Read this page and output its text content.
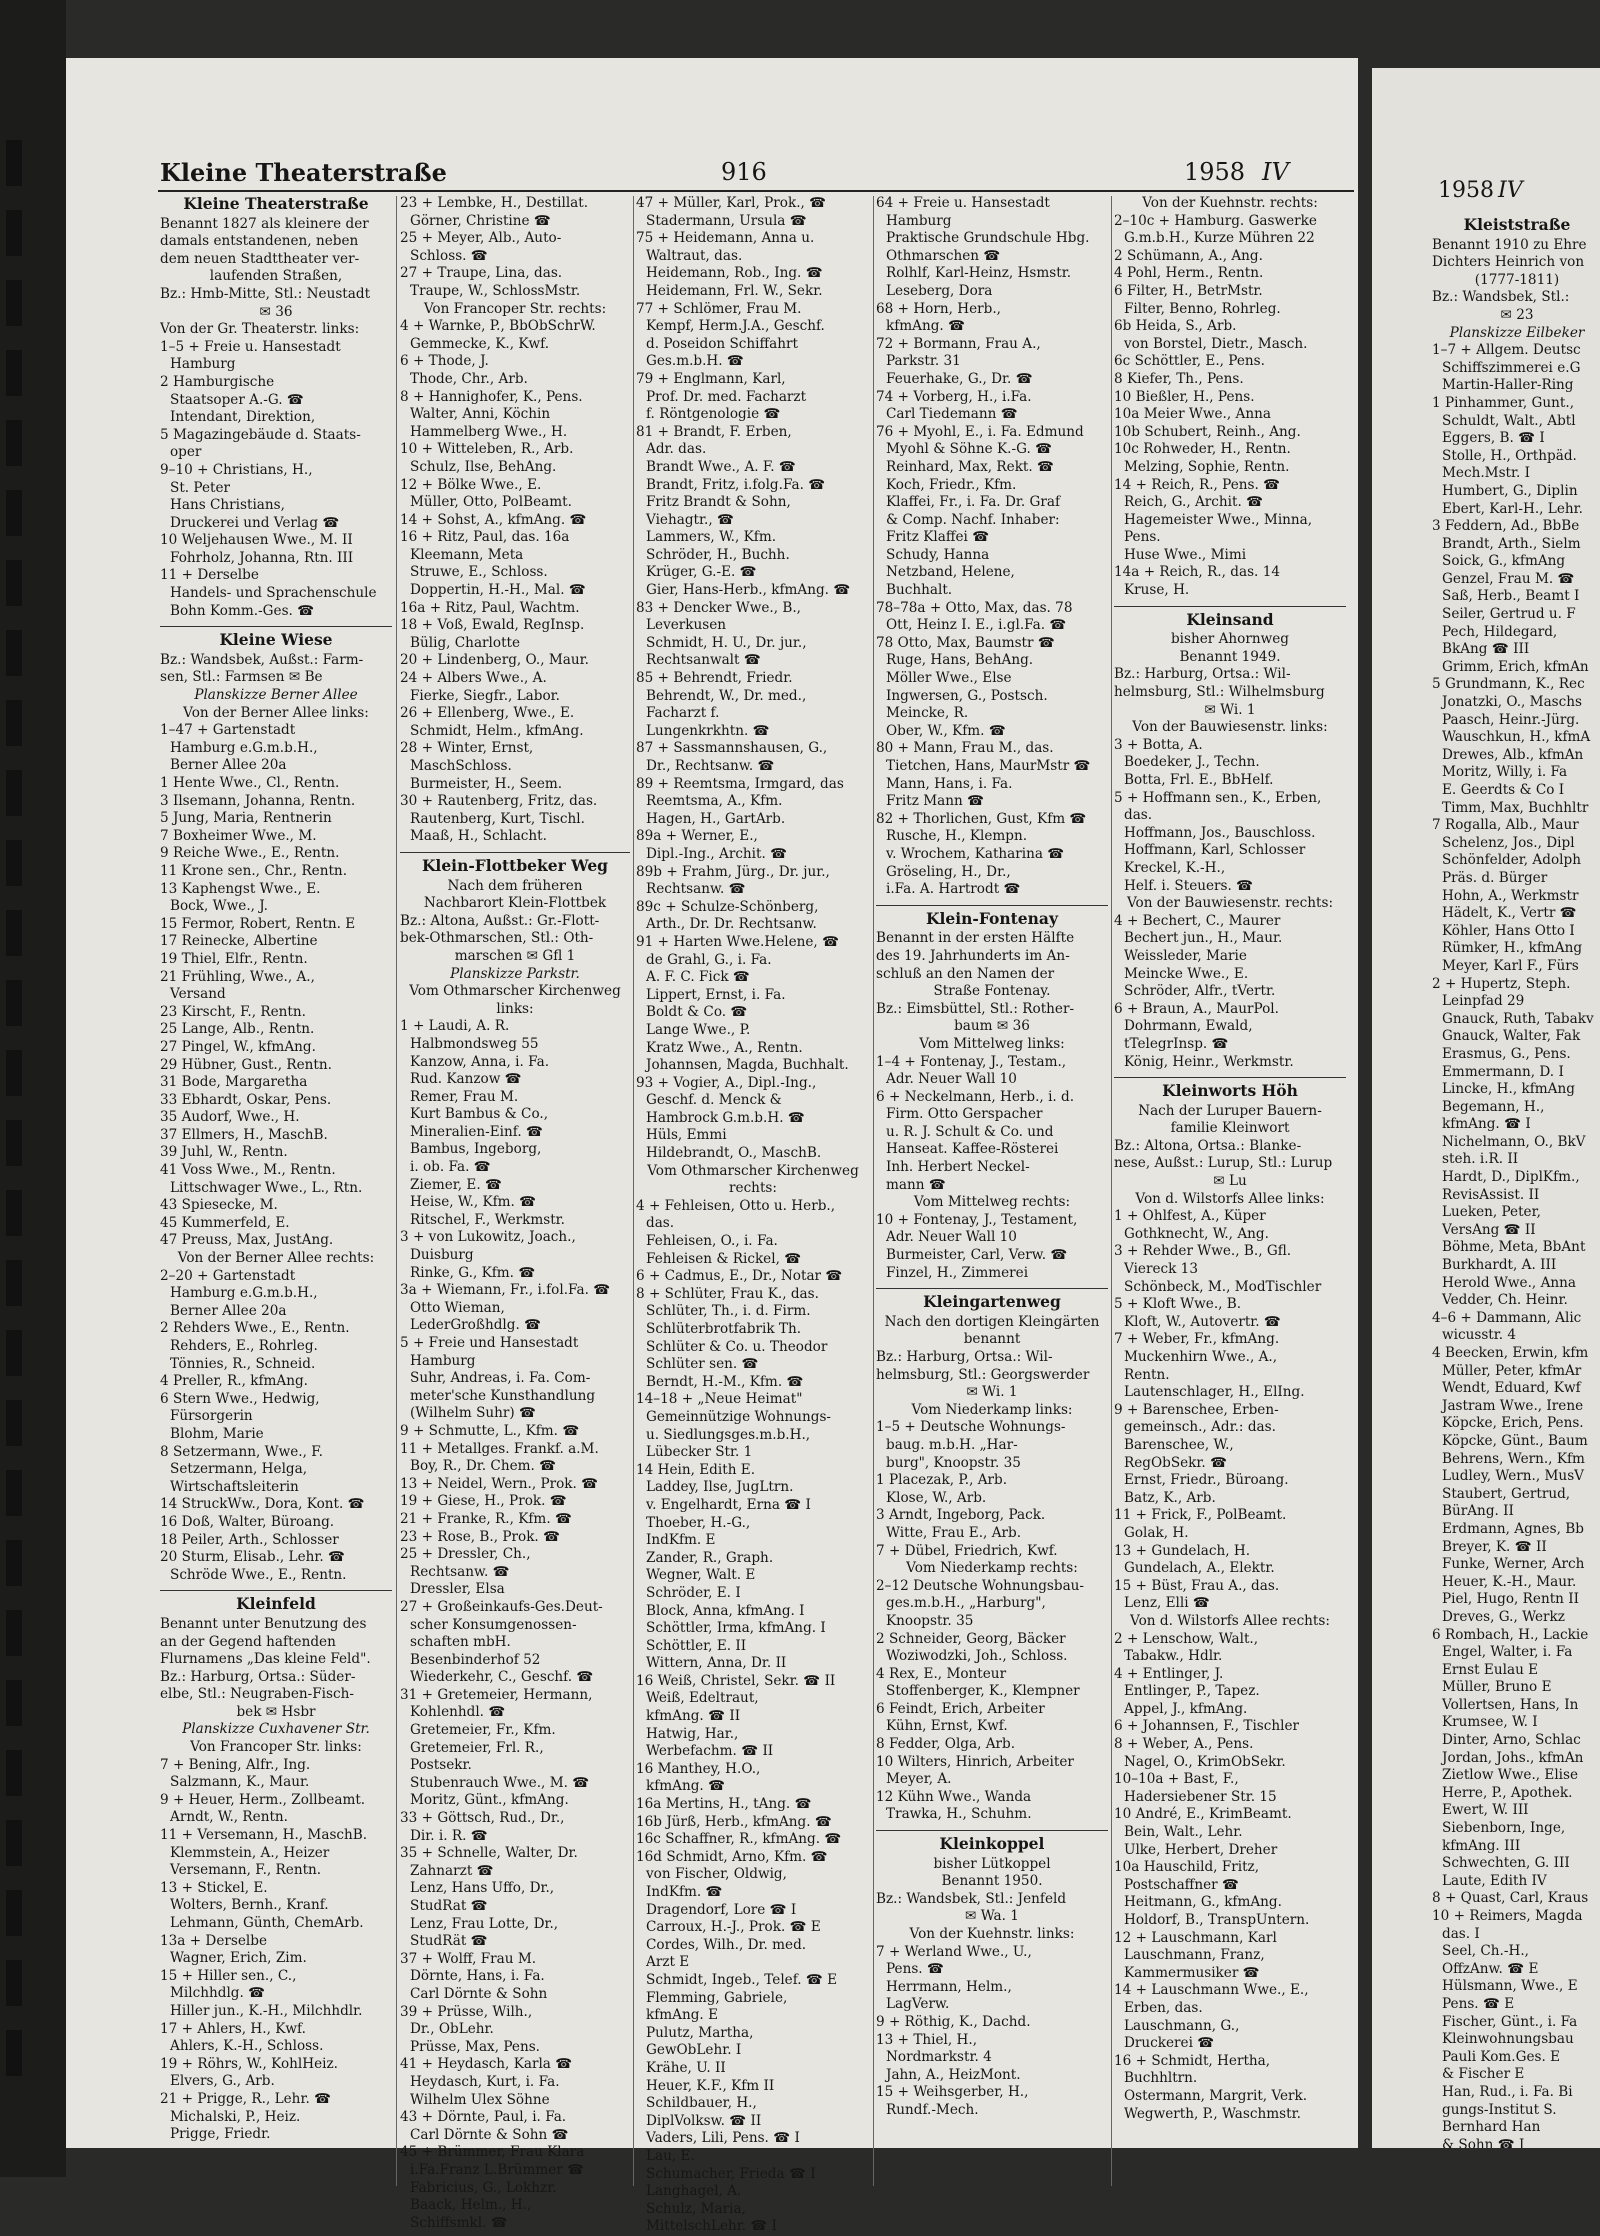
Kleine Theaterstraße	916	1958 IV
Kleine Theaterstraße
Benannt 1827 als kleinere der
damals entstandenen, neben
dem neuen Stadttheater ver-
laufenden Straßen,
Bz.: Hmb-Mitte, Stl.: Neustadt
✉ 36
Von der Gr. Theaterstr. links:
1–5 + Freie u. Hansestadt
Hamburg
2 Hamburgische
Staatsoper A.-G. ☎
Intendant, Direktion,
5 Magazingebäude d. Staats-
oper
9–10 + Christians, H.,
St. Peter
Hans Christians,
Druckerei und Verlag ☎
10 Weljehausen Wwe., M. II
Fohrholz, Johanna, Rtn. III
11 + Derselbe
Handels- und Sprachenschule
Bohn Komm.-Ges. ☎
Kleine Wiese
Bz.: Wandsbek, Außst.: Farm-
sen, Stl.: Farmsen ✉ Be
Planskizze Berner Allee
Von der Berner Allee links:
1–47 + Gartenstadt
Hamburg e.G.m.b.H.,
Berner Allee 20a
1 Hente Wwe., Cl., Rentn.
3 Ilsemann, Johanna, Rentn.
5 Jung, Maria, Rentnerin
7 Boxheimer Wwe., M.
9 Reiche Wwe., E., Rentn.
11 Krone sen., Chr., Rentn.
13 Kaphengst Wwe., E.
Bock, Wwe., J.
15 Fermor, Robert, Rentn. E
17 Reinecke, Albertine
19 Thiel, Elfr., Rentn.
21 Frühling, Wwe., A.,
Versand
23 Kirscht, F., Rentn.
25 Lange, Alb., Rentn.
27 Pingel, W., kfmAng.
29 Hübner, Gust., Rentn.
31 Bode, Margaretha
33 Ebhardt, Oskar, Pens.
35 Audorf, Wwe., H.
37 Ellmers, H., MaschB.
39 Juhl, W., Rentn.
41 Voss Wwe., M., Rentn.
Littschwager Wwe., L., Rtn.
43 Spiesecke, M.
45 Kummerfeld, E.
47 Preuss, Max, JustAng.
Von der Berner Allee rechts:
2–20 + Gartenstadt
Hamburg e.G.m.b.H.,
Berner Allee 20a
2 Rehders Wwe., E., Rentn.
Rehders, E., Rohrleg.
Tönnies, R., Schneid.
4 Preller, R., kfmAng.
6 Stern Wwe., Hedwig,
Fürsorgerin
Blohm, Marie
8 Setzermann, Wwe., F.
Setzermann, Helga,
Wirtschaftsleiterin
14 StruckWw., Dora, Kont. ☎
16 Doß, Walter, Büroang.
18 Peiler, Arth., Schlosser
20 Sturm, Elisab., Lehr. ☎
Schröde Wwe., E., Rentn.
Kleinfeld
Benannt unter Benutzung des
an der Gegend haftenden
Flurnamens „Das kleine Feld".
Bz.: Harburg, Ortsa.: Süder-
elbe, Stl.: Neugraben-Fisch-
bek ✉ Hsbr
Planskizze Cuxhavener Str.
Von Francoper Str. links:
7 + Bening, Alfr., Ing.
Salzmann, K., Maur.
9 + Heuer, Herm., Zollbeamt.
Arndt, W., Rentn.
11 + Versemann, H., MaschB.
Klemmstein, A., Heizer
Versemann, F., Rentn.
13 + Stickel, E.
Wolters, Bernh., Kranf.
Lehmann, Günth, ChemArb.
13a + Derselbe
Wagner, Erich, Zim.
15 + Hiller sen., C.,
Milchhdlg. ☎
Hiller jun., K.-H., Milchhdlr.
17 + Ahlers, H., Kwf.
Ahlers, K.-H., Schloss.
19 + Röhrs, W., KohlHeiz.
Elvers, G., Arb.
21 + Prigge, R., Lehr. ☎
Michalski, P., Heiz.
Prigge, Friedr.
23 + Lembke, H., Destillat.
Görner, Christine ☎
25 + Meyer, Alb., Auto-
Schloss. ☎
27 + Traupe, Lina, das.
Traupe, W., SchlossMstr.
Von Francoper Str. rechts:
4 + Warnke, P., BbObSchrW.
Gemmecke, K., Kwf.
6 + Thode, J.
Thode, Chr., Arb.
8 + Hannighofer, K., Pens.
Walter, Anni, Köchin
Hammelberg Wwe., H.
10 + Witteleben, R., Arb.
Schulz, Ilse, BehAng.
12 + Bölke Wwe., E.
Müller, Otto, PolBeamt.
14 + Sohst, A., kfmAng. ☎
16 + Ritz, Paul, das. 16a
Kleemann, Meta
Struwe, E., Schloss.
Doppertin, H.-H., Mal. ☎
16a + Ritz, Paul, Wachtm.
18 + Voß, Ewald, RegInsp.
Bülig, Charlotte
20 + Lindenberg, O., Maur.
24 + Albers Wwe., A.
Fierke, Siegfr., Labor.
26 + Ellenberg, Wwe., E.
Schmidt, Helm., kfmAng.
28 + Winter, Ernst,
MaschSchloss.
Burmeister, H., Seem.
30 + Rautenberg, Fritz, das.
Rautenberg, Kurt, Tischl.
Maaß, H., Schlacht.
Klein-Flottbeker Weg
Nach dem früheren
Nachbarort Klein-Flottbek
Bz.: Altona, Außst.: Gr.-Flott-
bek-Othmarschen, Stl.: Oth-
marschen ✉ Gfl 1
Planskizze Parkstr.
Vom Othmarscher Kirchenweg
links:
1 + Laudi, A. R.
Halbmondsweg 55
Kanzow, Anna, i. Fa.
Rud. Kanzow ☎
Remer, Frau M.
Kurt Bambus & Co.,
Mineralien-Einf. ☎
Bambus, Ingeborg,
i. ob. Fa. ☎
Ziemer, E. ☎
Heise, W., Kfm. ☎
Ritschel, F., Werkmstr.
3 + von Lukowitz, Joach.,
Duisburg
Rinke, G., Kfm. ☎
3a + Wiemann, Fr., i.fol.Fa. ☎
Otto Wieman,
LederGroßhdlg. ☎
5 + Freie und Hansestadt
Hamburg
Suhr, Andreas, i. Fa. Com-
meter'sche Kunsthandlung
(Wilhelm Suhr) ☎
9 + Schmutte, L., Kfm. ☎
11 + Metallges. Frankf. a.M.
Boy, R., Dr. Chem. ☎
13 + Neidel, Wern., Prok. ☎
19 + Giese, H., Prok. ☎
21 + Franke, R., Kfm. ☎
23 + Rose, B., Prok. ☎
25 + Dressler, Ch.,
Rechtsanw. ☎
Dressler, Elsa
27 + Großeinkaufs-Ges.Deut-
scher Konsumgenossen-
schaften mbH.
Besenbinderhof 52
Wiederkehr, C., Geschf. ☎
31 + Gretemeier, Hermann,
Kohlenhdl. ☎
Gretemeier, Fr., Kfm.
Gretemeier, Frl. R.,
Postsekr.
Stubenrauch Wwe., M. ☎
Moritz, Günt., kfmAng.
33 + Göttsch, Rud., Dr.,
Dir. i. R. ☎
35 + Schnelle, Walter, Dr.
Zahnarzt ☎
Lenz, Hans Uffo, Dr.,
StudRat ☎
Lenz, Frau Lotte, Dr.,
StudRät ☎
37 + Wolff, Frau M.
Dörnte, Hans, i. Fa.
Carl Dörnte & Sohn
39 + Prüsse, Wilh.,
Dr., ObLehr.
Prüsse, Max, Pens.
41 + Heydasch, Karla ☎
Heydasch, Kurt, i. Fa.
Wilhelm Ulex Söhne
43 + Dörnte, Paul, i. Fa.
Carl Dörnte & Sohn ☎
45 + Brümmer, Frau Klara
i.Fa.Franz L.Brümmer ☎
Fabricius, G., Lokhzr.
Baack, Helm., H.,
Schiffsmkl. ☎
47 + Müller, Karl, Prok., ☎
Stadermann, Ursula ☎
75 + Heidemann, Anna u.
Waltraut, das.
Heidemann, Rob., Ing. ☎
Heidemann, Frl. W., Sekr.
77 + Schlömer, Frau M.
Kempf, Herm.J.A., Geschf.
d. Poseidon Schiffahrt
Ges.m.b.H. ☎
79 + Englmann, Karl,
Prof. Dr. med. Facharzt
f. Röntgenologie ☎
81 + Brandt, F. Erben,
Adr. das.
Brandt Wwe., A. F. ☎
Brandt, Fritz, i.folg.Fa. ☎
Fritz Brandt & Sohn,
Viehagtr., ☎
Lammers, W., Kfm.
Schröder, H., Buchh.
Krüger, G.-E. ☎
Gier, Hans-Herb., kfmAng. ☎
83 + Dencker Wwe., B.,
Leverkusen
Schmidt, H. U., Dr. jur.,
Rechtsanwalt ☎
85 + Behrendt, Friedr.
Behrendt, W., Dr. med.,
Facharzt f.
Lungenkrkhtn. ☎
87 + Sassmannshausen, G.,
Dr., Rechtsanw. ☎
89 + Reemtsma, Irmgard, das
Reemtsma, A., Kfm.
Hagen, H., GartArb.
89a + Werner, E.,
Dipl.-Ing., Archit. ☎
89b + Frahm, Jürg., Dr. jur.,
Rechtsanw. ☎
89c + Schulze-Schönberg,
Arth., Dr. Dr. Rechtsanw.
91 + Harten Wwe.Helene, ☎
de Grahl, G., i. Fa.
A. F. C. Fick ☎
Lippert, Ernst, i. Fa.
Boldt & Co. ☎
Lange Wwe., P.
Kratz Wwe., A., Rentn.
Johannsen, Magda, Buchhalt.
93 + Vogier, A., Dipl.-Ing.,
Geschf. d. Menck &
Hambrock G.m.b.H. ☎
Hüls, Emmi
Hildebrandt, O., MaschB.
Vom Othmarscher Kirchenweg
rechts:
4 + Fehleisen, Otto u. Herb.,
das.
Fehleisen, O., i. Fa.
Fehleisen & Rickel, ☎
6 + Cadmus, E., Dr., Notar ☎
8 + Schlüter, Frau K., das.
Schlüter, Th., i. d. Firm.
Schlüterbrotfabrik Th.
Schlüter & Co. u. Theodor
Schlüter sen. ☎
Berndt, H.-M., Kfm. ☎
14–18 + „Neue Heimat"
Gemeinnützige Wohnungs-
u. Siedlungsges.m.b.H.,
Lübecker Str. 1
14 Hein, Edith E.
Laddey, Ilse, JugLtrn.
v. Engelhardt, Erna ☎ I
Thoeber, H.-G.,
IndKfm. E
Zander, R., Graph.
Wegner, Walt. E
Schröder, E. I
Block, Anna, kfmAng. I
Schöttler, Irma, kfmAng. I
Schöttler, E. II
Wittern, Anna, Dr. II
16 Weiß, Christel, Sekr. ☎ II
Weiß, Edeltraut,
kfmAng. ☎ II
Hatwig, Har.,
Werbefachm. ☎ II
16 Manthey, H.O.,
kfmAng. ☎
16a Mertins, H., tAng. ☎
16b Jürß, Herb., kfmAng. ☎
16c Schaffner, R., kfmAng. ☎
16d Schmidt, Arno, Kfm. ☎
von Fischer, Oldwig,
IndKfm. ☎
Dragendorf, Lore ☎ I
Carroux, H.-J., Prok. ☎ E
Cordes, Wilh., Dr. med.
Arzt E
Schmidt, Ingeb., Telef. ☎ E
Flemming, Gabriele,
kfmAng. E
Pulutz, Martha,
GewObLehr. I
Krähe, U. II
Heuer, K.F., Kfm II
Schildbauer, H.,
DiplVolksw. ☎ II
Vaders, Lili, Pens. ☎ I
Lau, E.
Schumacher, Frieda ☎ I
Langhagel, A.
Schulz, Maria,
MittelschLehr. ☎ I
64 + Freie u. Hansestadt
Hamburg
Praktische Grundschule Hbg.
Othmarschen ☎
Rolhlf, Karl-Heinz, Hsmstr.
Leseberg, Dora
68 + Horn, Herb.,
kfmAng. ☎
72 + Bormann, Frau A.,
Parkstr. 31
Feuerhake, G., Dr. ☎
74 + Vorberg, H., i.Fa.
Carl Tiedemann ☎
76 + Myohl, E., i. Fa. Edmund
Myohl & Söhne K.-G. ☎
Reinhard, Max, Rekt. ☎
Koch, Friedr., Kfm.
Klaffei, Fr., i. Fa. Dr. Graf
& Comp. Nachf. Inhaber:
Fritz Klaffei ☎
Schudy, Hanna
Netzband, Helene,
Buchhalt.
78–78a + Otto, Max, das. 78
Ott, Heinz I. E., i.gl.Fa. ☎
78 Otto, Max, Baumstr ☎
Ruge, Hans, BehAng.
Möller Wwe., Else
Ingwersen, G., Postsch.
Meincke, R.
Ober, W., Kfm. ☎
80 + Mann, Frau M., das.
Tietchen, Hans, MaurMstr ☎
Mann, Hans, i. Fa.
Fritz Mann ☎
82 + Thorlichen, Gust, Kfm ☎
Rusche, H., Klempn.
v. Wrochem, Katharina ☎
Gröseling, H., Dr.,
i.Fa. A. Hartrodt ☎
Klein-Fontenay
Benannt in der ersten Hälfte
des 19. Jahrhunderts im An-
schluß an den Namen der
Straße Fontenay.
Bz.: Eimsbüttel, Stl.: Rother-
baum ✉ 36
Vom Mittelweg links:
1–4 + Fontenay, J., Testam.,
Adr. Neuer Wall 10
6 + Neckelmann, Herb., i. d.
Firm. Otto Gerspacher
u. R. J. Schult & Co. und
Hanseat. Kaffee-Rösterei
Inh. Herbert Neckel-
mann ☎
Vom Mittelweg rechts:
10 + Fontenay, J., Testament,
Adr. Neuer Wall 10
Burmeister, Carl, Verw. ☎
Finzel, H., Zimmerei
Kleingartenweg
Nach den dortigen Kleingärten
benannt
Bz.: Harburg, Ortsa.: Wil-
helmsburg, Stl.: Georgswerder
✉ Wi. 1
Vom Niederkamp links:
1–5 + Deutsche Wohnungs-
baug. m.b.H. „Har-
burg", Knoopstr. 35
1 Placezak, P., Arb.
Klose, W., Arb.
3 Arndt, Ingeborg, Pack.
Witte, Frau E., Arb.
7 + Dübel, Friedrich, Kwf.
Vom Niederkamp rechts:
2–12 Deutsche Wohnungsbau-
ges.m.b.H., „Harburg",
Knoopstr. 35
2 Schneider, Georg, Bäcker
Woziwodzki, Joh., Schloss.
4 Rex, E., Monteur
Stoffenberger, K., Klempner
6 Feindt, Erich, Arbeiter
Kühn, Ernst, Kwf.
8 Fedder, Olga, Arb.
10 Wilters, Hinrich, Arbeiter
Meyer, A.
12 Kühn Wwe., Wanda
Trawka, H., Schuhm.
Kleinkoppel
bisher Lütkoppel
Benannt 1950.
Bz.: Wandsbek, Stl.: Jenfeld
✉ Wa. 1
Von der Kuehnstr. links:
7 + Werland Wwe., U.,
Pens. ☎
Herrmann, Helm.,
LagVerw.
9 + Röthig, K., Dachd.
13 + Thiel, H.,
Nordmarkstr. 4
Jahn, A., HeizMont.
15 + Weihsgerber, H.,
Rundf.-Mech.
Von der Kuehnstr. rechts:
2–10c + Hamburg. Gaswerke
G.m.b.H., Kurze Mühren 22
2 Schümann, A., Ang.
4 Pohl, Herm., Rentn.
6 Filter, H., BetrMstr.
Filter, Benno, Rohrleg.
6b Heida, S., Arb.
von Borstel, Dietr., Masch.
6c Schöttler, E., Pens.
8 Kiefer, Th., Pens.
10 Bießler, H., Pens.
10a Meier Wwe., Anna
10b Schubert, Reinh., Ang.
10c Rohweder, H., Rentn.
Melzing, Sophie, Rentn.
14 + Reich, R., Pens. ☎
Reich, G., Archit. ☎
Hagemeister Wwe., Minna,
Pens.
Huse Wwe., Mimi
14a + Reich, R., das. 14
Kruse, H.
Kleinsand
bisher Ahornweg
Benannt 1949.
Bz.: Harburg, Ortsa.: Wil-
helmsburg, Stl.: Wilhelmsburg
✉ Wi. 1
Von der Bauwiesenstr. links:
3 + Botta, A.
Boedeker, J., Techn.
Botta, Frl. E., BbHelf.
5 + Hoffmann sen., K., Erben,
das.
Hoffmann, Jos., Bauschloss.
Hoffmann, Karl, Schlosser
Kreckel, K.-H.,
Helf. i. Steuers. ☎
Von der Bauwiesenstr. rechts:
4 + Bechert, C., Maurer
Bechert jun., H., Maur.
Weissleder, Marie
Meincke Wwe., E.
Schröder, Alfr., tVertr.
6 + Braun, A., MaurPol.
Dohrmann, Ewald,
tTelegrInsp. ☎
König, Heinr., Werkmstr.
Kleinworts Höh
Nach der Luruper Bauern-
familie Kleinwort
Bz.: Altona, Ortsa.: Blanke-
nese, Außst.: Lurup, Stl.: Lurup
✉ Lu
Von d. Wilstorfs Allee links:
1 + Ohlfest, A., Küper
Gothknecht, W., Ang.
3 + Rehder Wwe., B., Gfl.
Viereck 13
Schönbeck, M., ModTischler
5 + Kloft Wwe., B.
Kloft, W., Autovertr. ☎
7 + Weber, Fr., kfmAng.
Muckenhirn Wwe., A.,
Rentn.
Lautenschlager, H., ElIng.
9 + Barenschee, Erben-
gemeinsch., Adr.: das.
Barenschee, W.,
RegObSekr. ☎
Ernst, Friedr., Büroang.
Batz, K., Arb.
11 + Frick, F., PolBeamt.
Golak, H.
13 + Gundelach, H.
Gundelach, A., Elektr.
15 + Büst, Frau A., das.
Lenz, Elli ☎
Von d. Wilstorfs Allee rechts:
2 + Lenschow, Walt.,
Tabakw., Hdlr.
4 + Entlinger, J.
Entlinger, P., Tapez.
Appel, J., kfmAng.
6 + Johannsen, F., Tischler
8 + Weber, A., Pens.
Nagel, O., KrimObSekr.
10–10a + Bast, F.,
Hadersiebener Str. 15
10 André, E., KrimBeamt.
Bein, Walt., Lehr.
Ulke, Herbert, Dreher
10a Hauschild, Fritz,
Postschaffner ☎
Heitmann, G., kfmAng.
Holdorf, B., TranspUntern.
12 + Lauschmann, Karl
Lauschmann, Franz,
Kammermusiker ☎
14 + Lauschmann Wwe., E.,
Erben, das.
Lauschmann, G.,
Druckerei ☎
16 + Schmidt, Hertha,
Buchhltrn.
Ostermann, Margrit, Verk.
Wegwerth, P., Waschmstr.
1958 IV
Kleiststraße
Benannt 1910 zu Ehre
Dichters Heinrich von
(1777-1811)
Bz.: Wandsbek, Stl.:
✉ 23
Planskizze Eilbeker
1–7 + Allgem. Deutsc
Schiffszimmerei e.G
Martin-Haller-Ring
1 Pinhammer, Gunt.,
Schuldt, Walt., Abtl
Eggers, B. ☎ I
Stolle, H., Orthpäd.
Mech.Mstr. I
Humbert, G., Diplin
Ebert, Karl-H., Lehr.
3 Feddern, Ad., BbBe
Brandt, Arth., Sielm
Soick, G., kfmAng
Genzel, Frau M. ☎
Saß, Herb., Beamt I
Seiler, Gertrud u. F
Pech, Hildegard,
BkAng ☎ III
Grimm, Erich, kfmAn
5 Grundmann, K., Rec
Jonatzki, O., Maschs
Paasch, Heinr.-Jürg.
Wauschkun, H., kfmA
Drewes, Alb., kfmAn
Moritz, Willy, i. Fa
E. Geerdts & Co I
Timm, Max, Buchhltr
7 Rogalla, Alb., Maur
Schelenz, Jos., Dipl
Schönfelder, Adolph
Präs. d. Bürger
Hohn, A., Werkmstr
Hädelt, K., Vertr ☎
Köhler, Hans Otto I
Rümker, H., kfmAng
Meyer, Karl F., Fürs
2 + Hupertz, Steph.
Leinpfad 29
Gnauck, Ruth, Tabakv
Gnauck, Walter, Fak
Erasmus, G., Pens.
Emmermann, D. I
Lincke, H., kfmAng
Begemann, H.,
kfmAng. ☎ I
Nichelmann, O., BkV
steh. i.R. II
Hardt, D., DiplKfm.,
RevisAssist. II
Lueken, Peter,
VersAng ☎ II
Böhme, Meta, BbAnt
Burkhardt, A. III
Herold Wwe., Anna
Vedder, Ch. Heinr.
4–6 + Dammann, Alic
wicusstr. 4
4 Beecken, Erwin, kfm
Müller, Peter, kfmAr
Wendt, Eduard, Kwf
Jastram Wwe., Irene
Köpcke, Erich, Pens.
Köpcke, Günt., Baum
Behrens, Wern., Kfm
Ludley, Wern., MusV
Staubert, Gertrud,
BürAng. II
Erdmann, Agnes, Bb
Breyer, K. ☎ II
Funke, Werner, Arch
Heuer, K.-H., Maur.
Piel, Hugo, Rentn II
Dreves, G., Werkz
6 Rombach, H., Lackie
Engel, Walter, i. Fa
Ernst Eulau E
Müller, Bruno E
Vollertsen, Hans, In
Krumsee, W. I
Dinter, Arno, Schlac
Jordan, Johs., kfmAn
Zietlow Wwe., Elise
Herre, P., Apothek.
Ewert, W. III
Siebenborn, Inge,
kfmAng. III
Schwechten, G. III
Laute, Edith IV
8 + Quast, Carl, Kraus
10 + Reimers, Magda
das. I
Seel, Ch.-H.,
OffzAnw. ☎ E
Hülsmann, Wwe., E
Pens. ☎ E
Fischer, Günt., i. Fa
Kleinwohnungsbau
Pauli Kom.Ges. E
& Fischer E
Han, Rud., i. Fa. Bi
gungs-Institut S.
Bernhard Han
& Sohn ☎ I
